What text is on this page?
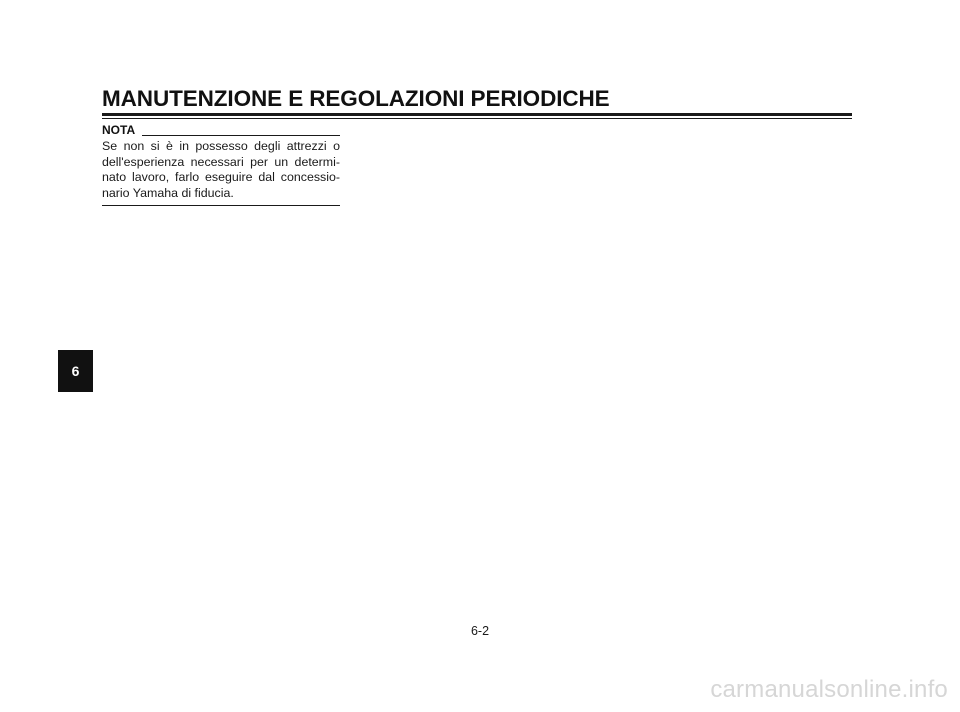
MANUTENZIONE E REGOLAZIONI PERIODICHE
NOTA

Se non si è in possesso degli attrezzi o dell'esperienza necessari per un determi-nato lavoro, farlo eseguire dal concessio-nario Yamaha di fiducia.

6
6-2
carmanualsonline.info
